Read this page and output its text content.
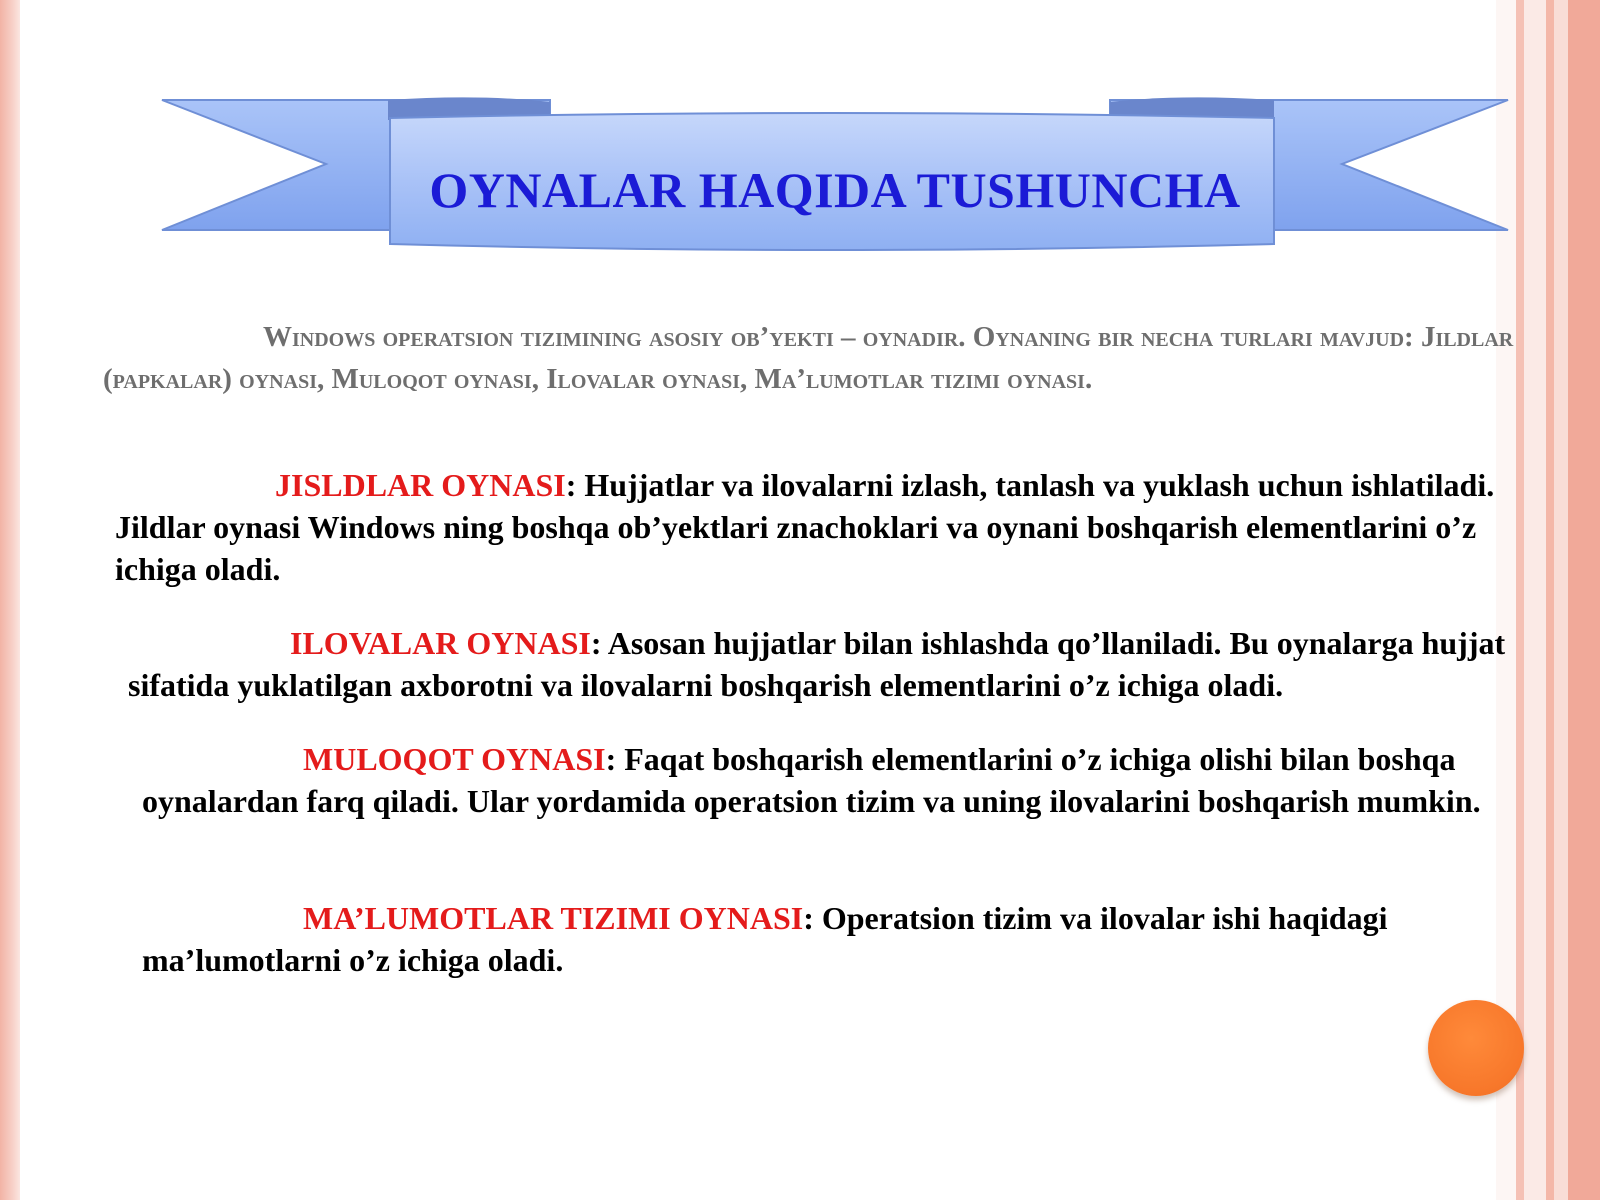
OYNALAR HAQIDA TUSHUNCHA
Windows operatsion tizimining asosiy ob’yekti – oynadir. Oynaning bir necha turlari mavjud: Jildlar (papkalar) oynasi, Muloqot oynasi, Ilovalar oynasi, Ma’lumotlar tizimi oynasi.
JISLDLAR OYNASI: Hujjatlar va ilovalarni izlash, tanlash va yuklash uchun ishlatiladi. Jildlar oynasi Windows ning boshqa ob’yektlari znachoklari va oynani boshqarish elementlarini o’z ichiga oladi.
ILOVALAR OYNASI: Asosan hujjatlar bilan ishlashda qo’llaniladi. Bu oynalarga hujjat sifatida yuklatilgan axborotni va ilovalarni boshqarish elementlarini o’z ichiga oladi.
MULOQOT OYNASI: Faqat boshqarish elementlarini o’z ichiga olishi bilan boshqa oynalardan farq qiladi. Ular yordamida operatsion tizim va uning ilovalarini boshqarish mumkin.
MA’LUMOTLAR TIZIMI OYNASI: Operatsion tizim va ilovalar ishi haqidagi ma’lumotlarni o’z ichiga oladi.
